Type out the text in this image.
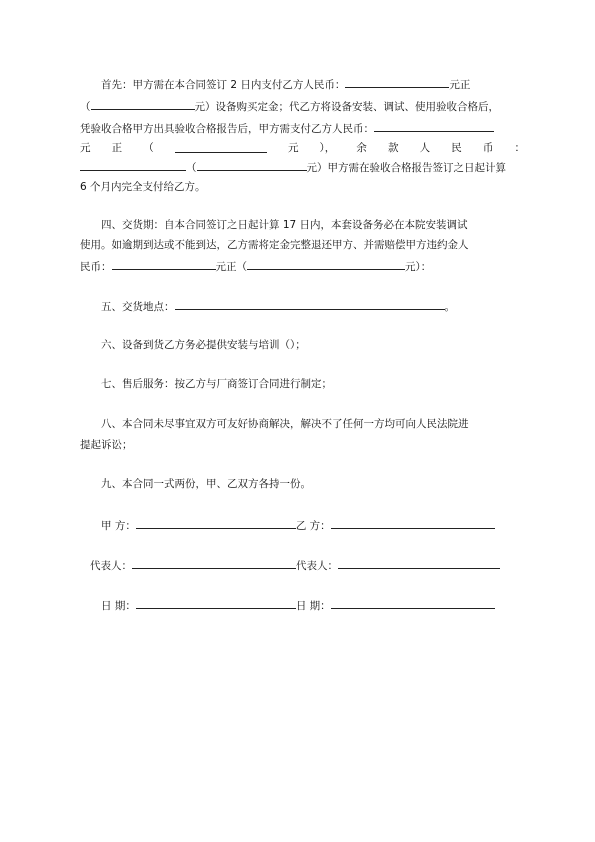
首先：甲方需在本合同签订 2 日内支付乙方人民币：	元正
（	元）设备购买定金；代乙方将设备安装、调试、使用验收合格后，
凭验收合格甲方出具验收合格报告后，甲方需支付乙方人民币：
元 正 （	元 ）， 余 款 人 民 币 ：
（	元）甲方需在验收合格报告签订之日起计算
6 个月内完全支付给乙方。
四、交货期：自本合同签订之日起计算 17 日内，本套设备务必在本院安装调试
使用。如逾期到达或不能到达，乙方需将定金完整退还甲方、并需赔偿甲方违约金人
民币：	元正（	元）：
五、交货地点：	。
六、设备到货乙方务必提供安装与培训（）；
七、售后服务：按乙方与厂商签订合同进行制定；
八、本合同未尽事宜双方可友好协商解决，解决不了任何一方均可向人民法院进
提起诉讼；
九、本合同一式两份，甲、乙双方各持一份。
甲 方：	乙 方：
代表人：	代表人：
日 期：	日 期：
